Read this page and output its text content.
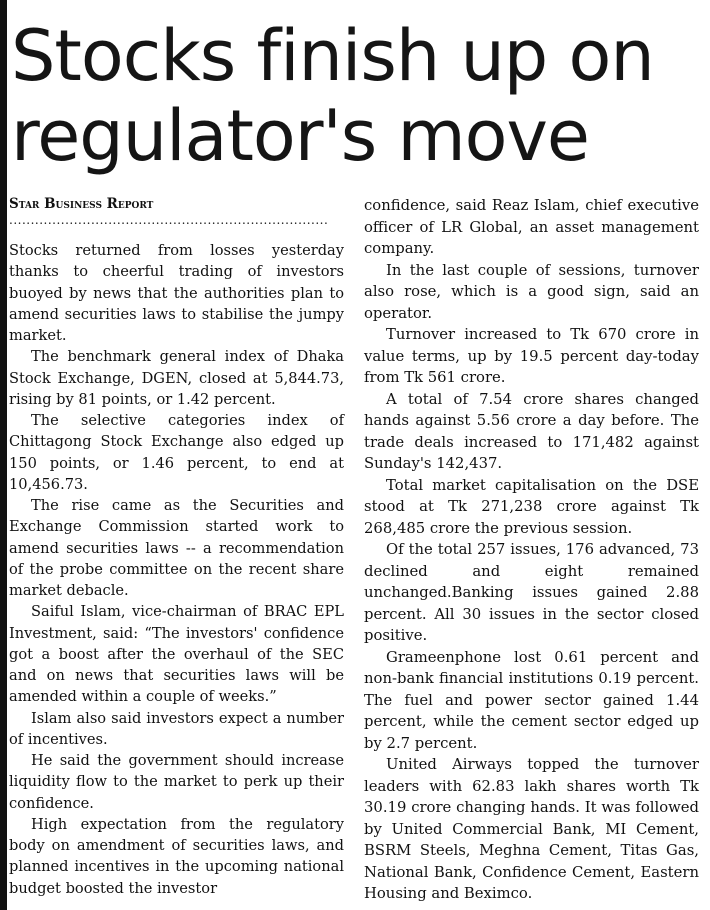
Stocks finish up on regulator's move
Star Business Report
..........................................................................

Stocks returned from losses yesterday thanks to cheerful trading of investors buoyed by news that the authorities plan to amend securities laws to stabilise the jumpy market.

The benchmark general index of Dhaka Stock Exchange, DGEN, closed at 5,844.73, rising by 81 points, or 1.42 percent.

The selective categories index of Chittagong Stock Exchange also edged up 150 points, or 1.46 percent, to end at 10,456.73.

The rise came as the Securities and Exchange Commission started work to amend securities laws -- a recommendation of the probe committee on the recent share market debacle.

Saiful Islam, vice-chairman of BRAC EPL Investment, said: “The investors' confidence got a boost after the overhaul of the SEC and on news that securities laws will be amended within a couple of weeks.”

Islam also said investors expect a number of incentives.

He said the government should increase liquidity flow to the market to perk up their confidence.

High expectation from the regulatory body on amendment of securities laws, and planned incentives in the upcoming national budget boosted the investor

confidence, said Reaz Islam, chief executive officer of LR Global, an asset management company.

In the last couple of sessions, turnover also rose, which is a good sign, said an operator.

Turnover increased to Tk 670 crore in value terms, up by 19.5 percent day-today from Tk 561 crore.

A total of 7.54 crore shares changed hands against 5.56 crore a day before. The trade deals increased to 171,482 against Sunday's 142,437.

Total market capitalisation on the DSE stood at Tk 271,238 crore against Tk 268,485 crore the previous session.

Of the total 257 issues, 176 advanced, 73 declined and eight remained unchanged.Banking issues gained 2.88 percent. All 30 issues in the sector closed positive.

Grameenphone lost 0.61 percent and non-bank financial institutions 0.19 percent. The fuel and power sector gained 1.44 percent, while the cement sector edged up by 2.7 percent.

United Airways topped the turnover leaders with 62.83 lakh shares worth Tk 30.19 crore changing hands. It was followed by United Commercial Bank, MI Cement, BSRM Steels, Meghna Cement, Titas Gas, National Bank, Confidence Cement, Eastern Housing and Beximco.
